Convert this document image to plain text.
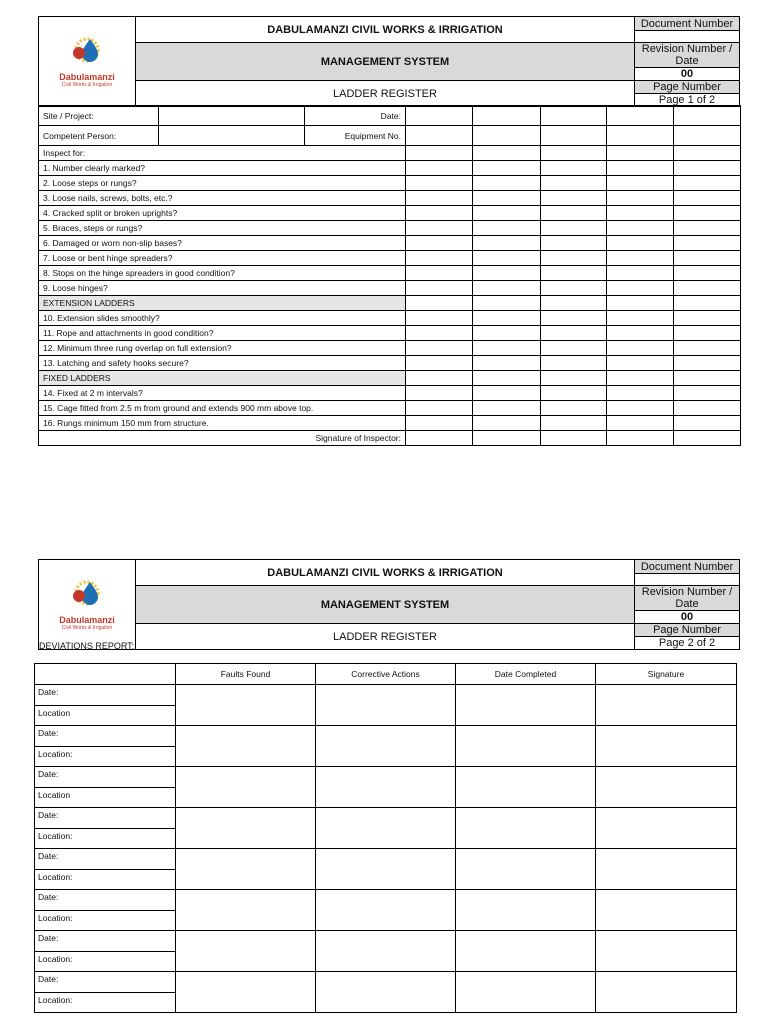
Dabulamanzi
Civil Works & Irrigation	DABULAMANZI CIVIL WORKS & IRRIGATION	Document Number

	MANAGEMENT SYSTEM	Revision Number / Date
		00
	LADDER REGISTER	Page Number
		Page 1 of 2
Site / Project:		Date:					
Competent Person:		Equipment No.					
Inspect for:							
1. Number clearly marked?							
2. Loose steps or rungs?							
3. Loose nails, screws, bolts, etc.?							
4. Cracked split or broken uprights?							
5. Braces, steps or rungs?							
6. Damaged or worn non-slip bases?							
7. Loose or bent hinge spreaders?							
8. Stops on the hinge spreaders in good condition?							
9. Loose hinges?							
EXTENSION LADDERS							
10. Extension slides smoothly?							
11. Rope and attachments in good condition?							
12. Minimum three rung overlap on full extension?							
13. Latching and safety hooks secure?							
FIXED LADDERS							
14. Fixed at 2 m intervals?							
15. Cage fitted from 2.5 m from ground and extends 900 mm above top.							
16. Rungs minimum 150 mm from structure.							
Signature of Inspector:							
Dabulamanzi
Civil Works & Irrigation	DABULAMANZI CIVIL WORKS & IRRIGATION	Document Number

	MANAGEMENT SYSTEM	Revision Number / Date
		00
	LADDER REGISTER	Page Number
		Page 2 of 2
DEVIATIONS REPORT:
	Faults Found	Corrective Actions	Date Completed	Signature
Date:				
Location				
Date:				
Location:				
Date:				
Location				
Date:				
Location:				
Date:				
Location:				
Date:				
Location:				
Date:				
Location:				
Date:				
Location:				
